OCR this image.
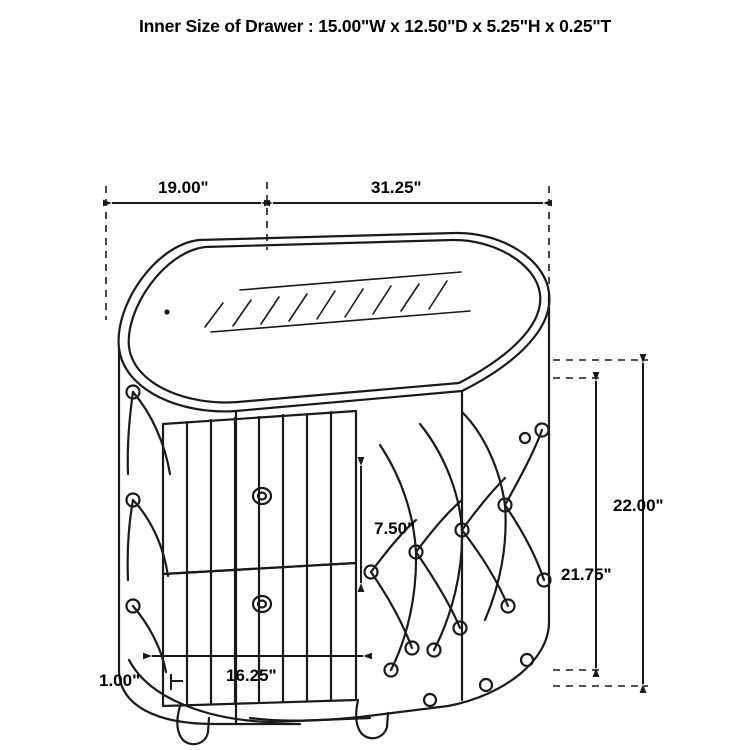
Inner Size of Drawer : 15.00"W x 12.50"D x 5.25"H x 0.25"T
19.00"	31.25"
7.50"
16.25"
1.00"
21.75"
22.00"
